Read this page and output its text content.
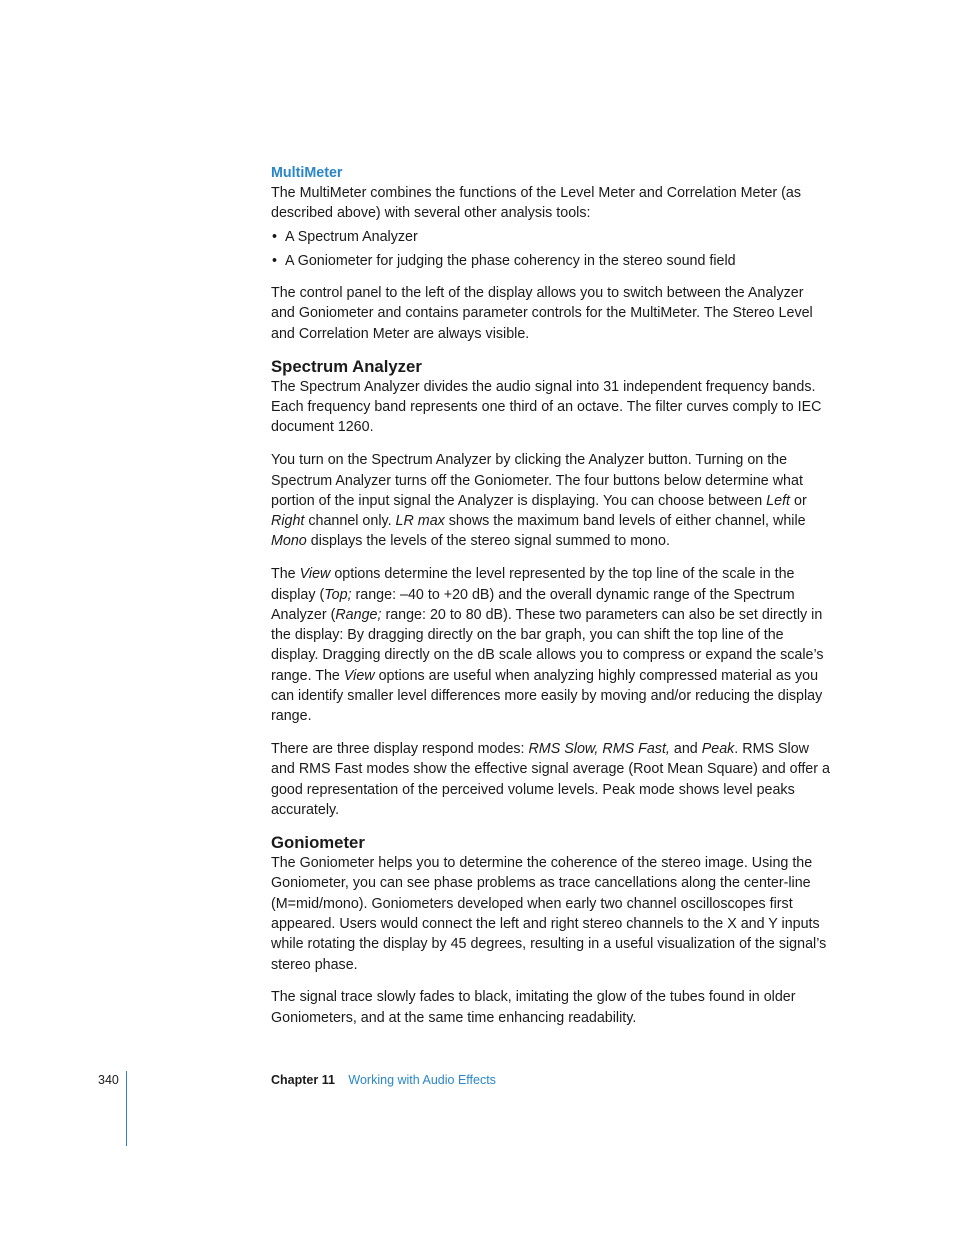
MultiMeter

The MultiMeter combines the functions of the Level Meter and Correlation Meter (as described above) with several other analysis tools:

• A Spectrum Analyzer
• A Goniometer for judging the phase coherency in the stereo sound field

The control panel to the left of the display allows you to switch between the Analyzer and Goniometer and contains parameter controls for the MultiMeter. The Stereo Level and Correlation Meter are always visible.

Spectrum Analyzer

The Spectrum Analyzer divides the audio signal into 31 independent frequency bands. Each frequency band represents one third of an octave. The filter curves comply to IEC document 1260.

You turn on the Spectrum Analyzer by clicking the Analyzer button. Turning on the Spectrum Analyzer turns off the Goniometer. The four buttons below determine what portion of the input signal the Analyzer is displaying. You can choose between Left or Right channel only. LR max shows the maximum band levels of either channel, while Mono displays the levels of the stereo signal summed to mono.

The View options determine the level represented by the top line of the scale in the display (Top; range: –40 to +20 dB) and the overall dynamic range of the Spectrum Analyzer (Range; range: 20 to 80 dB). These two parameters can also be set directly in the display: By dragging directly on the bar graph, you can shift the top line of the display. Dragging directly on the dB scale allows you to compress or expand the scale’s range. The View options are useful when analyzing highly compressed material as you can identify smaller level differences more easily by moving and/or reducing the display range.

There are three display respond modes: RMS Slow, RMS Fast, and Peak. RMS Slow and RMS Fast modes show the effective signal average (Root Mean Square) and offer a good representation of the perceived volume levels. Peak mode shows level peaks accurately.

Goniometer

The Goniometer helps you to determine the coherence of the stereo image. Using the Goniometer, you can see phase problems as trace cancellations along the center-line (M=mid/mono). Goniometers developed when early two channel oscilloscopes first appeared. Users would connect the left and right stereo channels to the X and Y inputs while rotating the display by 45 degrees, resulting in a useful visualization of the signal’s stereo phase.

The signal trace slowly fades to black, imitating the glow of the tubes found in older Goniometers, and at the same time enhancing readability.

340	Chapter 11 Working with Audio Effects
